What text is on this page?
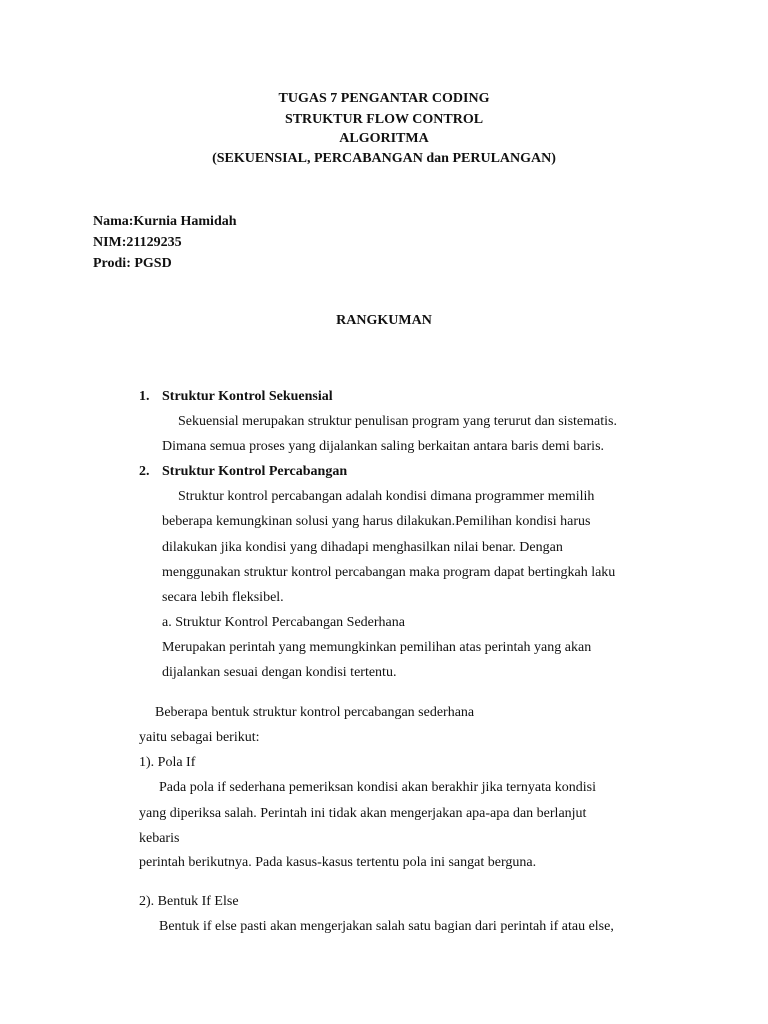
TUGAS 7 PENGANTAR CODING
STRUKTUR FLOW CONTROL
ALGORITMA
(SEKUENSIAL, PERCABANGAN dan PERULANGAN)
Nama:Kurnia Hamidah
NIM:21129235
Prodi: PGSD
RANGKUMAN
1. Struktur Kontrol Sekuensial
Sekuensial merupakan struktur penulisan program yang terurut dan sistematis.
Dimana semua proses yang dijalankan saling berkaitan antara baris demi baris.
2. Struktur Kontrol Percabangan
Struktur kontrol percabangan adalah kondisi dimana programmer memilih
beberapa kemungkinan solusi yang harus dilakukan.Pemilihan kondisi harus
dilakukan jika kondisi yang dihadapi menghasilkan nilai benar. Dengan
menggunakan struktur kontrol percabangan maka program dapat bertingkah laku
secara lebih fleksibel.
a. Struktur Kontrol Percabangan Sederhana
Merupakan perintah yang memungkinkan pemilihan atas perintah yang akan
dijalankan sesuai dengan kondisi tertentu.
Beberapa bentuk struktur kontrol percabangan sederhana
yaitu sebagai berikut:
1). Pola If
Pada pola if sederhana pemeriksan kondisi akan berakhir jika ternyata kondisi
yang diperiksa salah. Perintah ini tidak akan mengerjakan apa-apa dan berlanjut
kebaris
perintah berikutnya. Pada kasus-kasus tertentu pola ini sangat berguna.
2). Bentuk If Else
Bentuk if else pasti akan mengerjakan salah satu bagian dari perintah if atau else,
